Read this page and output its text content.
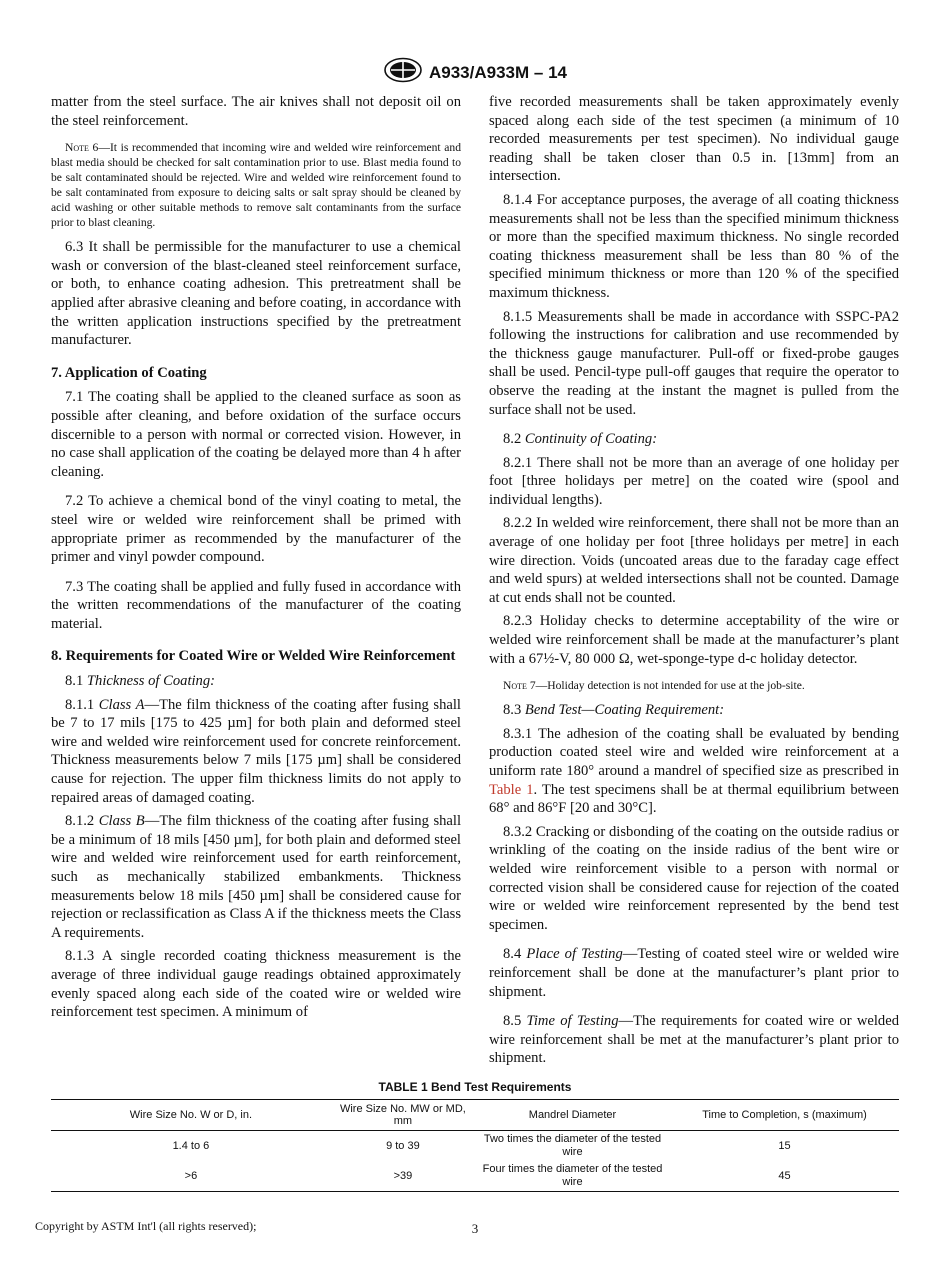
A933/A933M – 14

matter from the steel surface. The air knives shall not deposit oil on the steel reinforcement.

Note 6—It is recommended that incoming wire and welded wire reinforcement and blast media should be checked for salt contamination prior to use. Blast media found to be salt contaminated should be rejected. Wire and welded wire reinforcement found to be salt contaminated from exposure to deicing salts or salt spray should be cleaned by acid washing or other suitable methods to remove salt contaminants from the surface prior to blast cleaning.

6.3 It shall be permissible for the manufacturer to use a chemical wash or conversion of the blast-cleaned steel reinforcement surface, or both, to enhance coating adhesion. This pretreatment shall be applied after abrasive cleaning and before coating, in accordance with the written application instructions specified by the pretreatment manufacturer.

7. Application of Coating

7.1 The coating shall be applied to the cleaned surface as soon as possible after cleaning, and before oxidation of the surface occurs discernible to a person with normal or corrected vision. However, in no case shall application of the coating be delayed more than 4 h after cleaning.

7.2 To achieve a chemical bond of the vinyl coating to metal, the steel wire or welded wire reinforcement shall be primed with appropriate primer as recommended by the manufacturer of the primer and vinyl powder compound.

7.3 The coating shall be applied and fully fused in accordance with the written recommendations of the manufacturer of the coating material.

8. Requirements for Coated Wire or Welded Wire Reinforcement

8.1 Thickness of Coating:

8.1.1 Class A—The film thickness of the coating after fusing shall be 7 to 17 mils [175 to 425 µm] for both plain and deformed steel wire and welded wire reinforcement used for concrete reinforcement. Thickness measurements below 7 mils [175 µm] shall be considered cause for rejection. The upper film thickness limits do not apply to repaired areas of damaged coating.

8.1.2 Class B—The film thickness of the coating after fusing shall be a minimum of 18 mils [450 µm], for both plain and deformed steel wire and welded wire reinforcement used for earth reinforcement, such as mechanically stabilized embankments. Thickness measurements below 18 mils [450 µm] shall be considered cause for rejection or reclassification as Class A if the thickness meets the Class A requirements.

8.1.3 A single recorded coating thickness measurement is the average of three individual gauge readings obtained approximately evenly spaced along each side of the coated wire or welded wire reinforcement test specimen. A minimum of

five recorded measurements shall be taken approximately evenly spaced along each side of the test specimen (a minimum of 10 recorded measurements per test specimen). No individual gauge reading shall be taken closer than 0.5 in. [13mm] from an intersection.

8.1.4 For acceptance purposes, the average of all coating thickness measurements shall not be less than the specified minimum thickness or more than the specified maximum thickness. No single recorded coating thickness measurement shall be less than 80 % of the specified minimum thickness or more than 120 % of the specified maximum thickness.

8.1.5 Measurements shall be made in accordance with SSPC-PA2 following the instructions for calibration and use recommended by the thickness gauge manufacturer. Pull-off or fixed-probe gauges shall be used. Pencil-type pull-off gauges that require the operator to observe the reading at the instant the magnet is pulled from the surface shall not be used.

8.2 Continuity of Coating:

8.2.1 There shall not be more than an average of one holiday per foot [three holidays per metre] on the coated wire (spool and individual lengths).

8.2.2 In welded wire reinforcement, there shall not be more than an average of one holiday per foot [three holidays per metre] in each wire direction. Voids (uncoated areas due to the faraday cage effect and weld spurs) at welded intersections shall not be counted. Damage at cut ends shall not be counted.

8.2.3 Holiday checks to determine acceptability of the wire or welded wire reinforcement shall be made at the manufacturer’s plant with a 67½-V, 80 000 Ω, wet-sponge-type d-c holiday detector.

Note 7—Holiday detection is not intended for use at the job-site.

8.3 Bend Test—Coating Requirement:

8.3.1 The adhesion of the coating shall be evaluated by bending production coated steel wire and welded wire reinforcement at a uniform rate 180° around a mandrel of specified size as prescribed in Table 1. The test specimens shall be at thermal equilibrium between 68° and 86°F [20 and 30°C].

8.3.2 Cracking or disbonding of the coating on the outside radius or wrinkling of the coating on the inside radius of the bent wire or welded wire reinforcement visible to a person with normal or corrected vision shall be considered cause for rejection of the coated wire or welded wire reinforcement represented by the bend test specimen.

8.4 Place of Testing—Testing of coated steel wire or welded wire reinforcement shall be done at the manufacturer’s plant prior to shipment.

8.5 Time of Testing—The requirements for coated wire or welded wire reinforcement shall be met at the manufacturer’s plant prior to shipment.

TABLE 1 Bend Test Requirements
Wire Size No. W or D, in.	Wire Size No. MW or MD, mm	Mandrel Diameter	Time to Completion, s (maximum)
1.4 to 6	9 to 39	Two times the diameter of the tested wire	15
>6	>39	Four times the diameter of the tested wire	45
Copyright by ASTM Int'l (all rights reserved);	3
